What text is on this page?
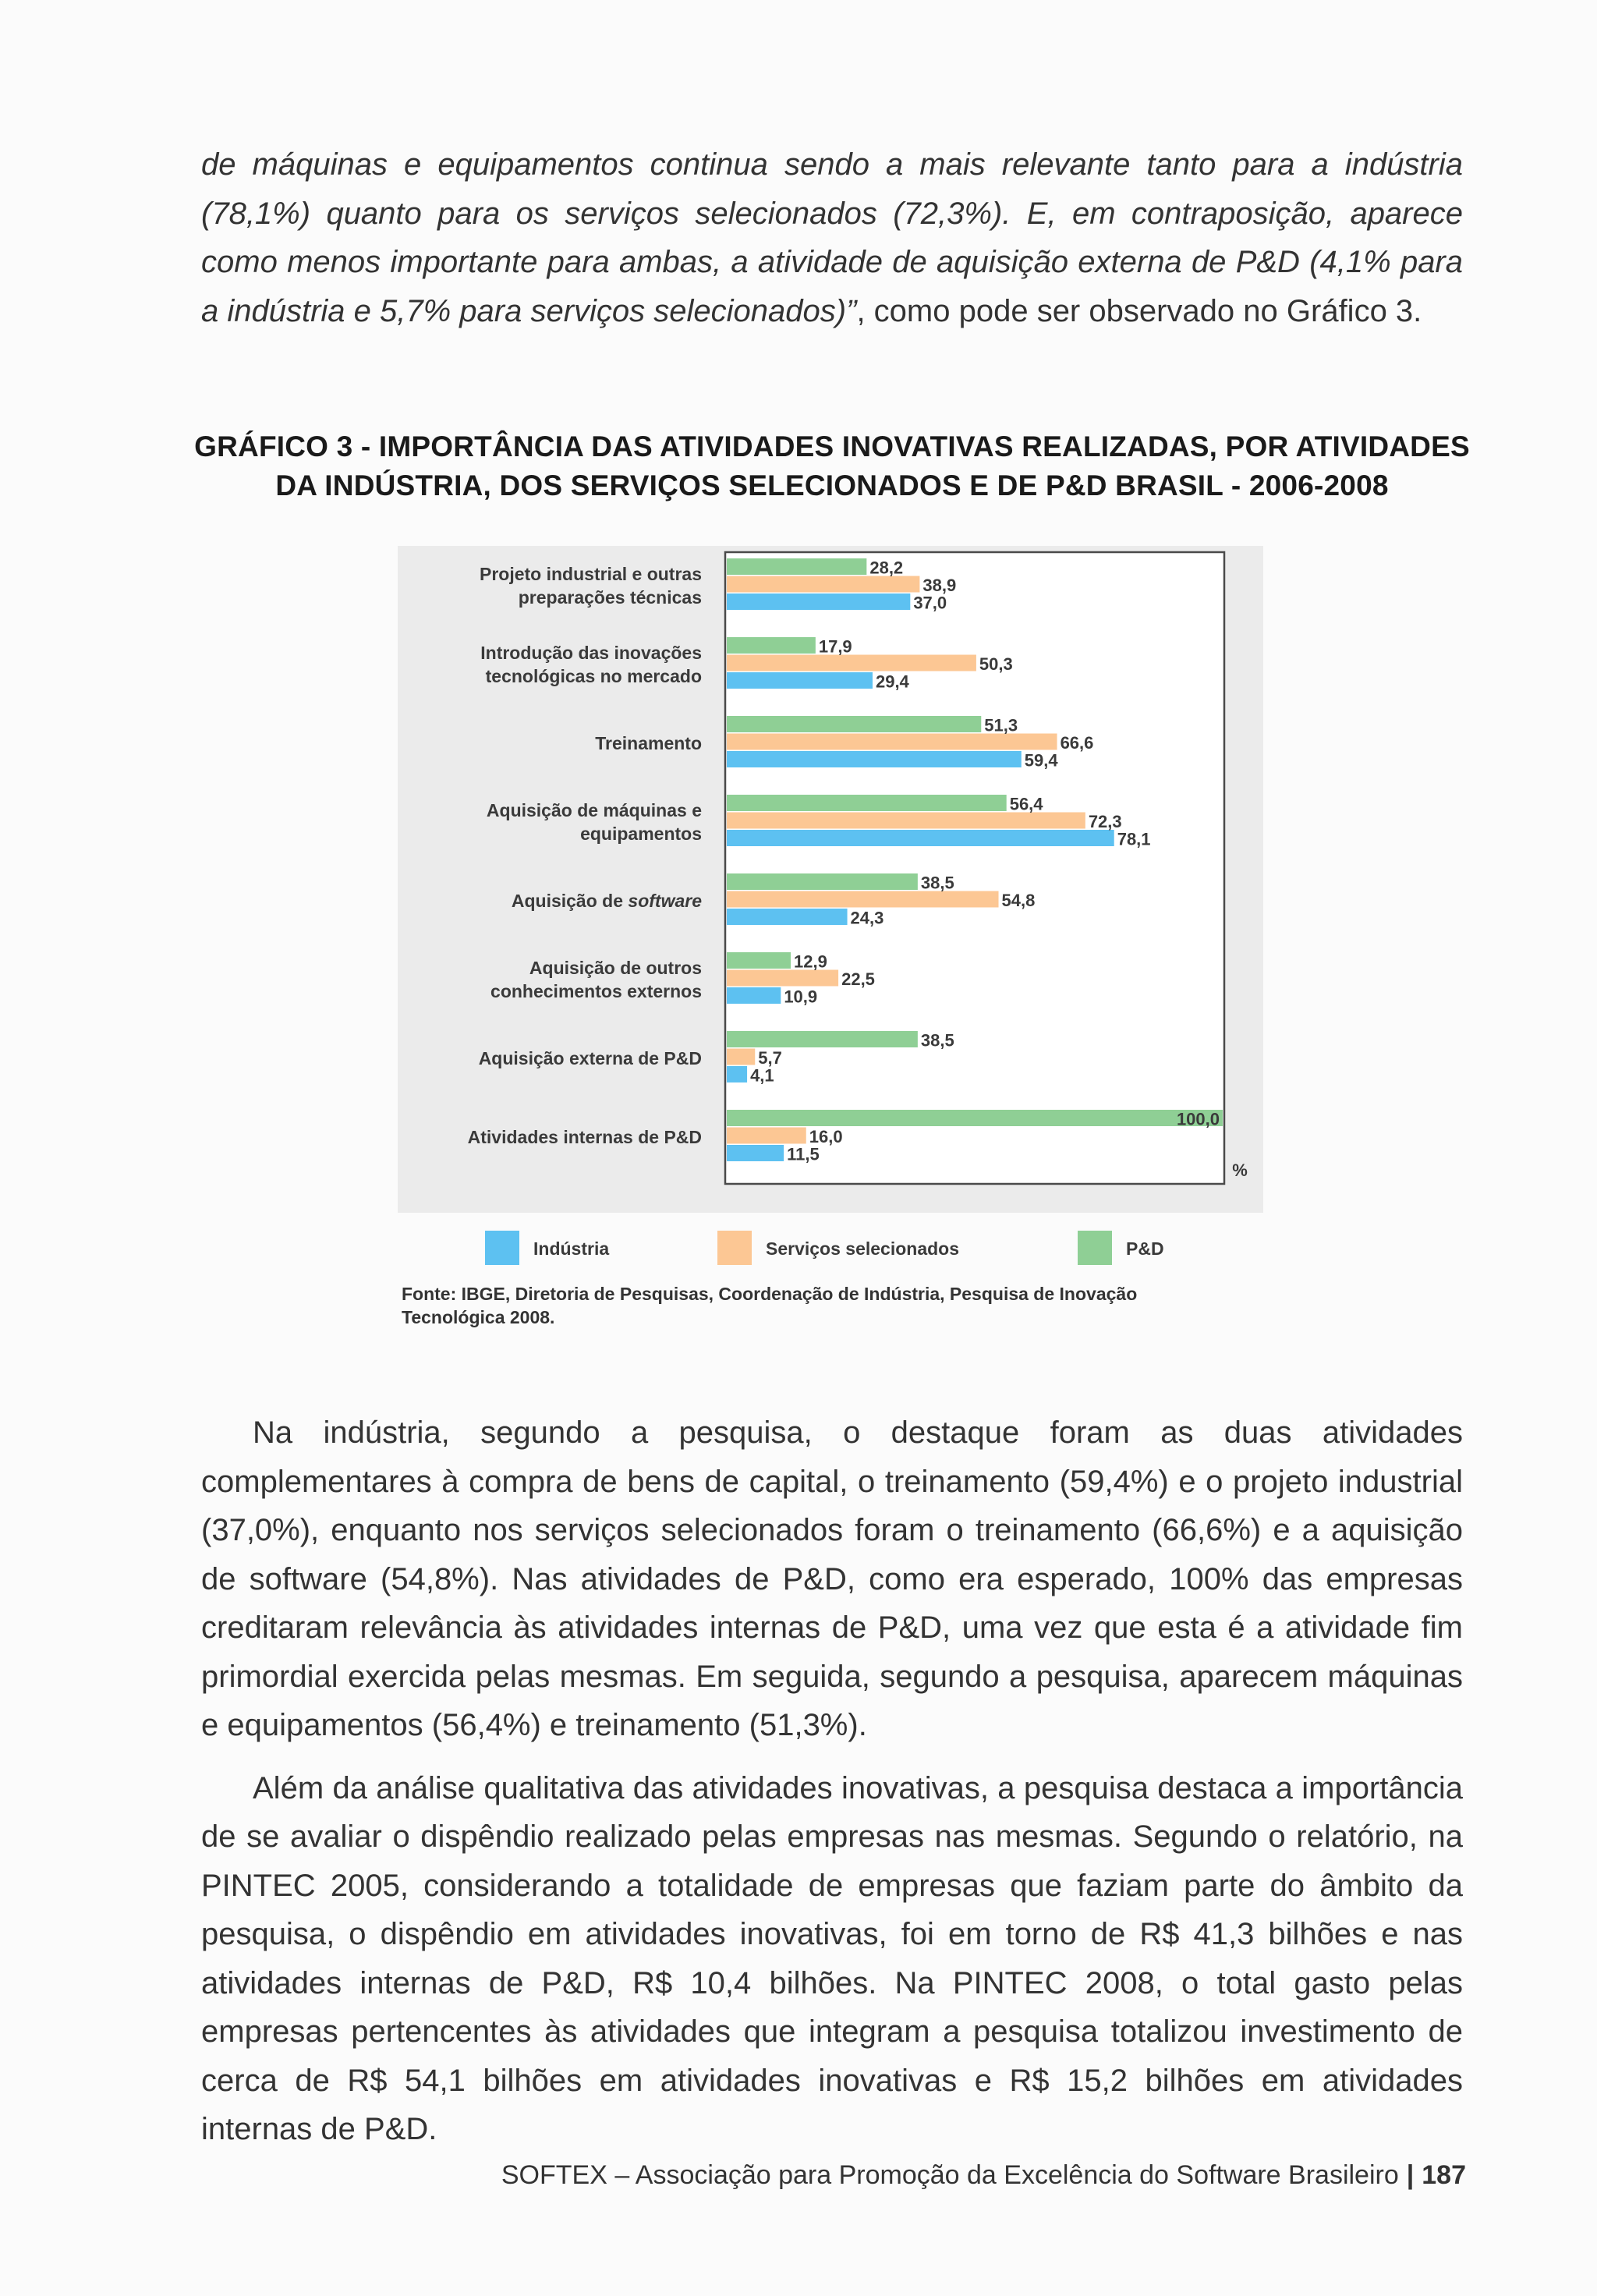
de máquinas e equipamentos continua sendo a mais relevante tanto para a indústria (78,1%) quanto para os serviços selecionados (72,3%). E, em contraposição, aparece como menos importante para ambas, a atividade de aquisição externa de P&D (4,1% para a indústria e 5,7% para serviços selecionados)”, como pode ser observado no Gráfico 3.

GRÁFICO 3 - IMPORTÂNCIA DAS ATIVIDADES INOVATIVAS REALIZADAS, POR ATIVIDADES
DA INDÚSTRIA, DOS SERVIÇOS SELECIONADOS E DE P&D BRASIL - 2006-2008
Projeto industrial e outras
preparações técnicas
28,2
38,9
37,0
Introdução das inovações
tecnológicas no mercado
17,9
50,3
29,4
Treinamento
51,3
66,6
59,4
Aquisição de máquinas e
equipamentos
56,4
72,3
78,1
Aquisição de software
38,5
54,8
24,3
Aquisição de outros
conhecimentos externos
12,9
22,5
10,9
Aquisição externa de P&D
38,5
5,7
4,1
Atividades internas de P&D
100,0
16,0
11,5
%
Indústria	Serviços selecionados	P&D
Fonte: IBGE, Diretoria de Pesquisas, Coordenação de Indústria, Pesquisa de Inovação
Tecnológica 2008.

Na indústria, segundo a pesquisa, o destaque foram as duas atividades complementares à compra de bens de capital, o treinamento (59,4%) e o projeto industrial (37,0%), enquanto nos serviços selecionados foram o treinamento (66,6%) e a aquisição de software (54,8%). Nas atividades de P&D, como era esperado, 100% das empresas creditaram relevância às atividades internas de P&D, uma vez que esta é a atividade fim primordial exercida pelas mesmas. Em seguida, segundo a pesquisa, aparecem máquinas e equipamentos (56,4%) e treinamento (51,3%).

Além da análise qualitativa das atividades inovativas, a pesquisa destaca a importância de se avaliar o dispêndio realizado pelas empresas nas mesmas. Segundo o relatório, na PINTEC 2005, considerando a totalidade de empresas que faziam parte do âmbito da pesquisa, o dispêndio em atividades inovativas, foi em torno de R$ 41,3 bilhões e nas atividades internas de P&D, R$ 10,4 bilhões. Na PINTEC 2008, o total gasto pelas empresas pertencentes às atividades que integram a pesquisa totalizou investimento de cerca de R$ 54,1 bilhões em atividades inovativas e R$ 15,2 bilhões em atividades internas de P&D.

SOFTEX – Associação para Promoção da Excelência do Software Brasileiro | 187
